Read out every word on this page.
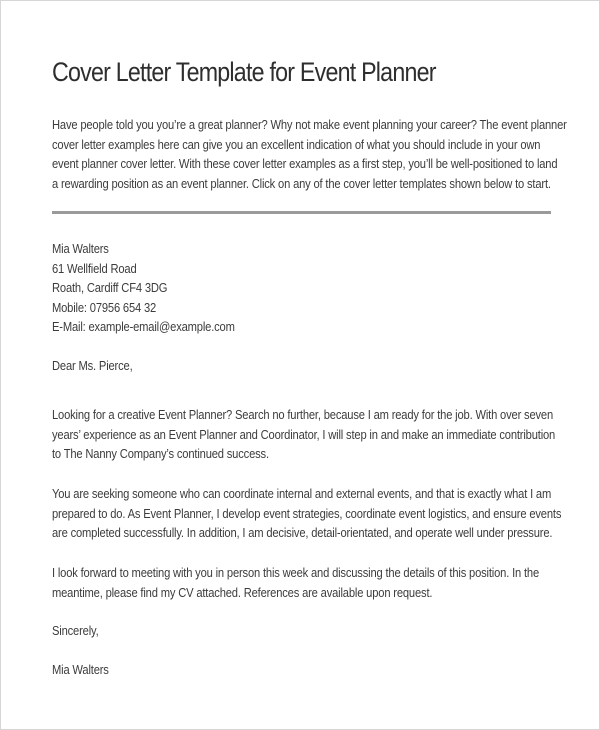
Cover Letter Template for Event Planner

Have people told you you’re a great planner? Why not make event planning your career? The event planner
cover letter examples here can give you an excellent indication of what you should include in your own
event planner cover letter. With these cover letter examples as a first step, you’ll be well-positioned to land
a rewarding position as an event planner. Click on any of the cover letter templates shown below to start.

Mia Walters
61 Wellfield Road
Roath, Cardiff CF4 3DG
Mobile: 07956 654 32
E-Mail: example-email@example.com

Dear Ms. Pierce,

Looking for a creative Event Planner? Search no further, because I am ready for the job. With over seven
years’ experience as an Event Planner and Coordinator, I will step in and make an immediate contribution
to The Nanny Company’s continued success.

You are seeking someone who can coordinate internal and external events, and that is exactly what I am
prepared to do. As Event Planner, I develop event strategies, coordinate event logistics, and ensure events
are completed successfully. In addition, I am decisive, detail-orientated, and operate well under pressure.

I look forward to meeting with you in person this week and discussing the details of this position. In the
meantime, please find my CV attached. References are available upon request.

Sincerely,

Mia Walters
